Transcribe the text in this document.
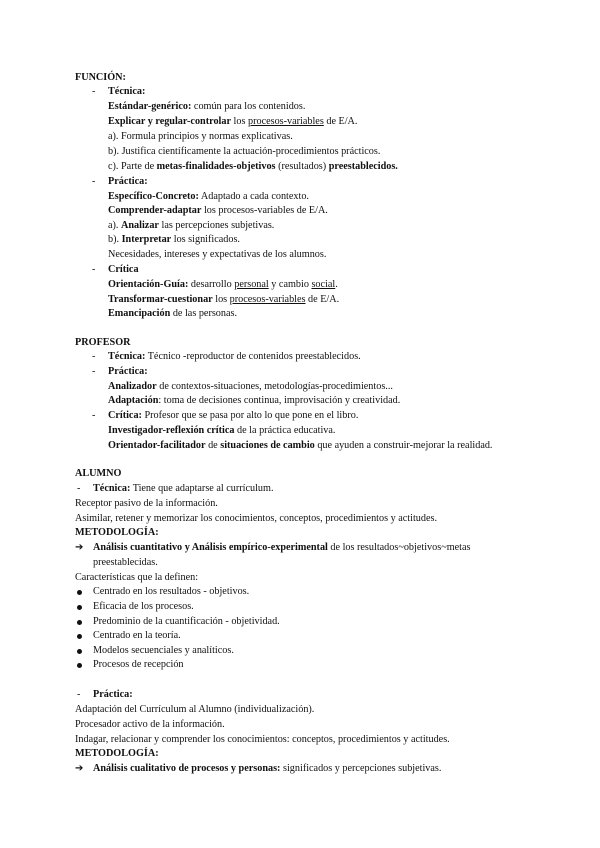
FUNCIÓN:
- Técnica:
Estándar-genérico: común para los contenidos.
Explicar y regular-controlar los procesos-variables de E/A.
a). Formula principios y normas explicativas.
b). Justifica científicamente la actuación-procedimientos prácticos.
c). Parte de metas-finalidades-objetivos (resultados) preestablecidos.
- Práctica:
Específico-Concreto: Adaptado a cada contexto.
Comprender-adaptar los procesos-variables de E/A.
a). Analizar las percepciones subjetivas.
b). Interpretar los significados.
Necesidades, intereses y expectativas de los alumnos.
- Crítica
Orientación-Guía: desarrollo personal y cambio social.
Transformar-cuestionar los procesos-variables de E/A.
Emancipación de las personas.
PROFESOR
- Técnica: Técnico -reproductor de contenidos preestablecidos.
- Práctica:
Analizador de contextos-situaciones, metodologías-procedimientos...
Adaptación: toma de decisiones continua, improvisación y creatividad.
- Crítica: Profesor que se pasa por alto lo que pone en el libro.
Investigador-reflexión crítica de la práctica educativa.
Orientador-facilitador de situaciones de cambio que ayuden a construir-mejorar la realidad.
ALUMNO
- Técnica: Tiene que adaptarse al currículum.
Receptor pasivo de la información.
Asimilar, retener y memorizar los conocimientos, conceptos, procedimientos y actitudes.
METODOLOGÍA:
➔ Análisis cuantitativo y Análisis empírico-experimental de los resultados~objetivos~metas
preestablecidas.
Características que la definen:
Centrado en los resultados - objetivos.
Eficacia de los procesos.
Predominio de la cuantificación - objetividad.
Centrado en la teoría.
Modelos secuenciales y analíticos.
Procesos de recepción
- Práctica:
Adaptación del Currículum al Alumno (individualización).
Procesador activo de la información.
Indagar, relacionar y comprender los conocimientos: conceptos, procedimientos y actitudes.
METODOLOGÍA:
➔ Análisis cualitativo de procesos y personas: significados y percepciones subjetivas.
